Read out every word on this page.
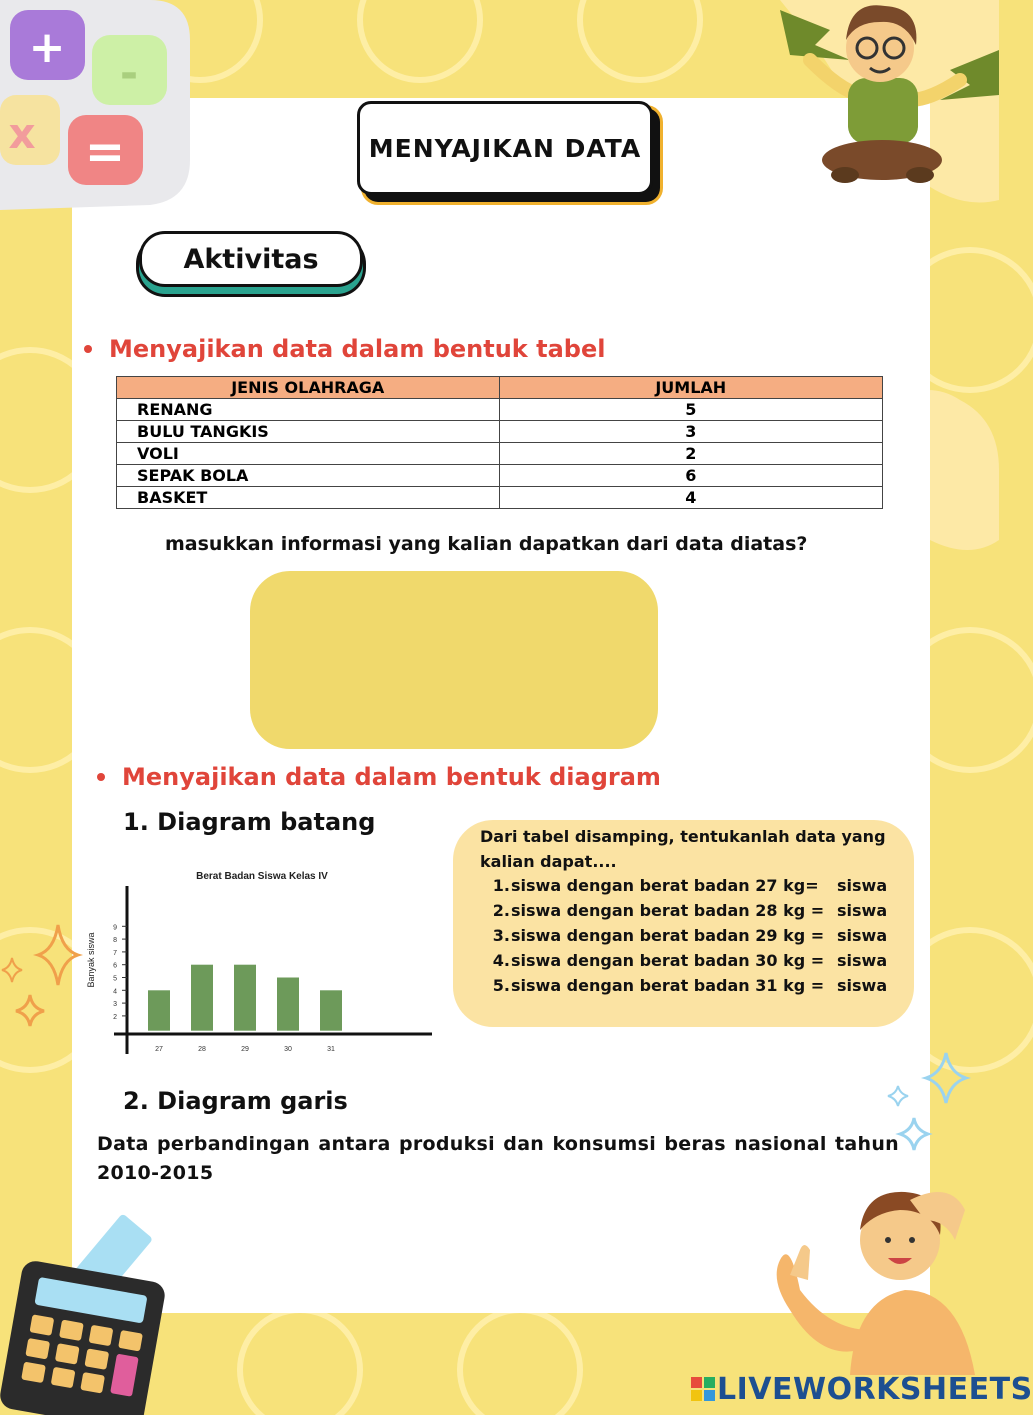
+
-
x =	MENYAJIKAN DATA
Aktivitas
Menyajikan data dalam bentuk tabel
JENIS OLAHRAGA	JUMLAH
RENANG	5
BULU TANGKIS	3
VOLI	2
SEPAK BOLA	6
BASKET	4
masukkan informasi yang kalian dapatkan dari data diatas?
Menyajikan data dalam bentuk diagram
1. Diagram batang
Berat Badan Siswa Kelas IV
Banyak siswa
2
3
4
5
6
7
8
9
27	28	29	30	31
Dari tabel disamping, tentukanlah data yang kalian dapat....
1. siswa dengan berat badan 27 kg= siswa
2. siswa dengan berat badan 28 kg = siswa
3. siswa dengan berat badan 29 kg = siswa
4. siswa dengan berat badan 30 kg = siswa
5. siswa dengan berat badan 31 kg = siswa
2. Diagram garis
Data perbandingan antara produksi dan konsumsi beras nasional tahun 2010-2015
LIVEWORKSHEETS
